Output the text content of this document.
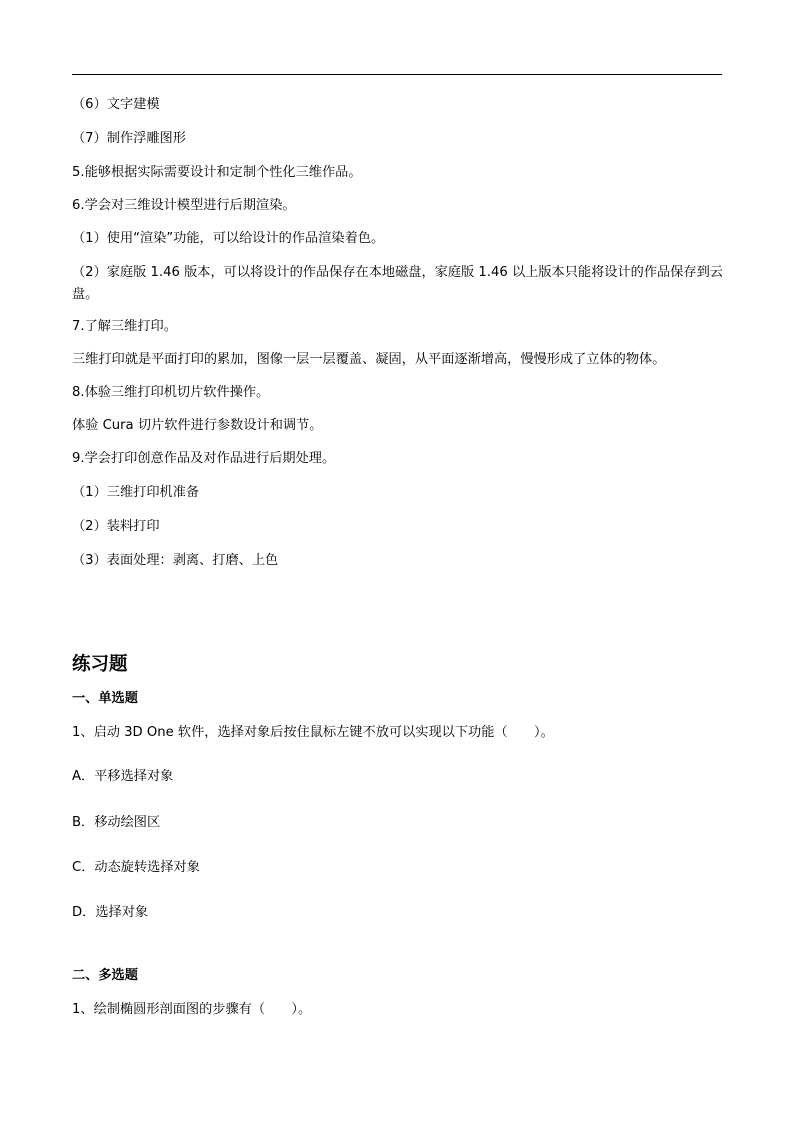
（6）文字建模
（7）制作浮雕图形
5.能够根据实际需要设计和定制个性化三维作品。
6.学会对三维设计模型进行后期渲染。
（1）使用“渲染”功能，可以给设计的作品渲染着色。
（2）家庭版 1.46 版本，可以将设计的作品保存在本地磁盘，家庭版 1.46 以上版本只能将设计的作品保存到云盘。
7.了解三维打印。
三维打印就是平面打印的累加，图像一层一层覆盖、凝固，从平面逐渐增高，慢慢形成了立体的物体。
8.体验三维打印机切片软件操作。
体验 Cura 切片软件进行参数设计和调节。
9.学会打印创意作品及对作品进行后期处理。
（1）三维打印机准备
（2）装料打印
（3）表面处理：剥离、打磨、上色
练习题
一、单选题
1、启动 3D One 软件，选择对象后按住鼠标左键不放可以实现以下功能（　　）。
A．平移选择对象
B．移动绘图区
C．动态旋转选择对象
D．选择对象
二、多选题
1、绘制椭圆形剖面图的步骤有（　　）。
